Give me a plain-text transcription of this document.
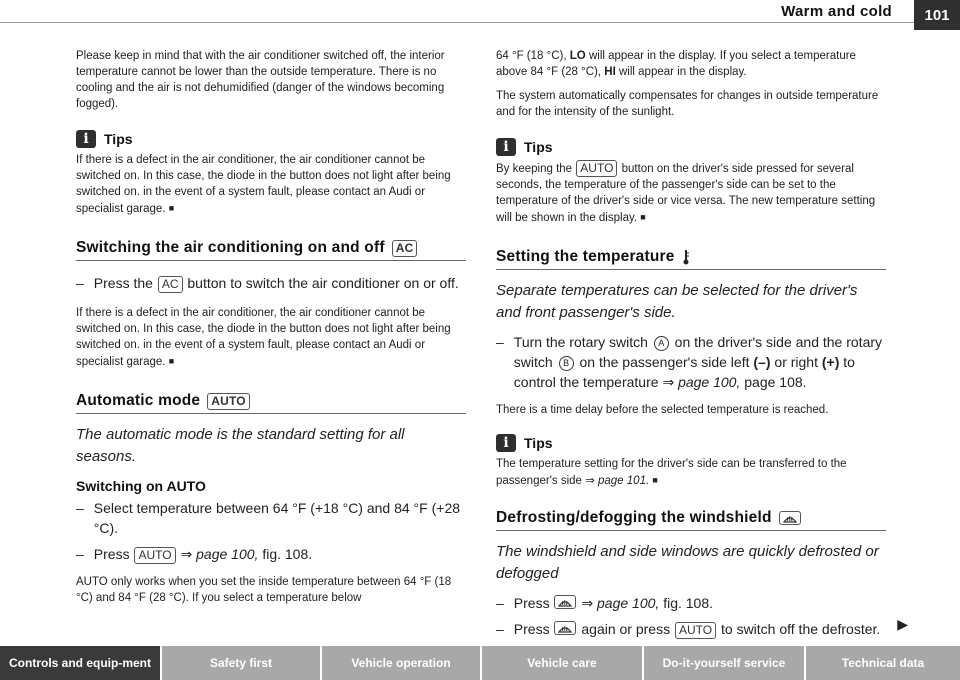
Warm and cold	101

Please keep in mind that with the air conditioner switched off, the interior temperature cannot be lower than the outside temperature. There is no cooling and the air is not dehumidified (danger of the windows becoming fogged).

i	Tips

If there is a defect in the air conditioner, the air conditioner cannot be switched on. In this case, the diode in the button does not light after being switched on. in the event of a system fault, please contact an Audi or specialist garage. ■

Switching the air conditioning on and off AC
– Press the AC button to switch the air conditioner on or off.

If there is a defect in the air conditioner, the air conditioner cannot be switched on. In this case, the diode in the button does not light after being switched on. in the event of a system fault, please contact an Audi or specialist garage. ■

Automatic mode AUTO

The automatic mode is the standard setting for all seasons.

Switching on AUTO
– Select temperature between 64 °F (+18 °C) and 84 °F (+28 °C).
– Press AUTO ⇒ page 100, fig. 108.

AUTO only works when you set the inside temperature between 64 °F (18 °C) and 84 °F (28 °C). If you select a temperature below

64 °F (18 °C), LO will appear in the display. If you select a temperature above 84 °F (28 °C), HI will appear in the display.

The system automatically compensates for changes in outside temperature and for the intensity of the sunlight.

i	Tips

By keeping the AUTO button on the driver's side pressed for several seconds, the temperature of the passenger's side can be set to the temperature of the driver's side or vice versa. The new temperature setting will be shown in the display. ■

Setting the temperature

Separate temperatures can be selected for the driver's and front passenger's side.

– Turn the rotary switch A on the driver's side and the rotary switch B on the passenger's side left (–) or right (+) to control the temperature ⇒ page 100, page 108.

There is a time delay before the selected temperature is reached.

i	Tips

The temperature setting for the driver's side can be transferred to the passenger's side ⇒ page 101. ■

Defrosting/defogging the windshield

The windshield and side windows are quickly defrosted or defogged

– Press ⇒ page 100, fig. 108.
– Press again or press AUTO to switch off the defroster. ▶
Controls and equip-ment	Safety first	Vehicle operation	Vehicle care	Do-it-yourself service	Technical data
